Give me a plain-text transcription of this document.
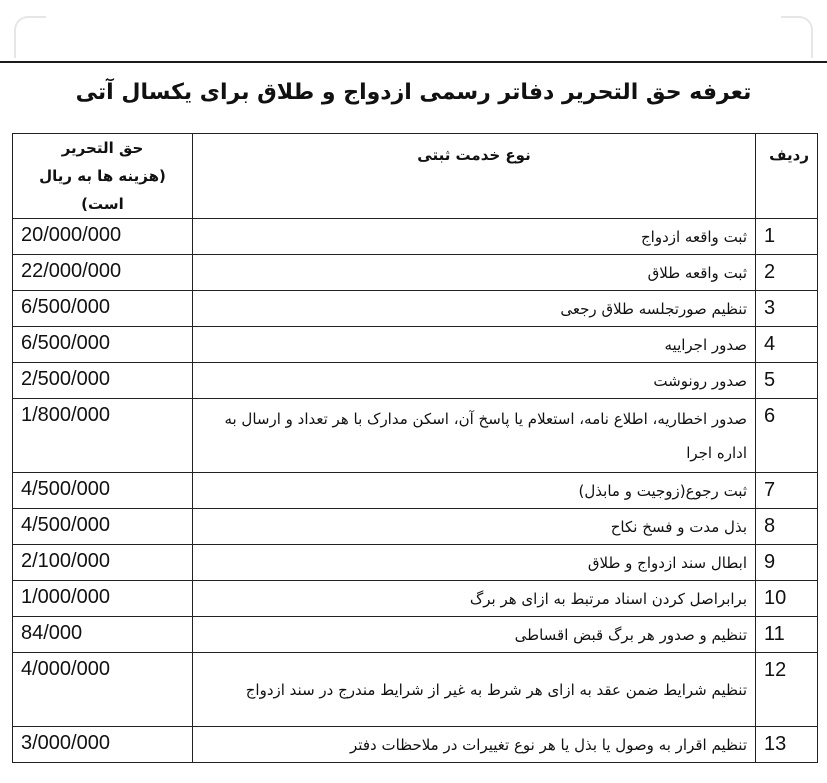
تعرفه حق التحریر دفاتر رسمی ازدواج و طلاق برای یکسال آتی
ردیف	نوع خدمت ثبتی	حق التحریر
(هزینه ها به ریال است)

1	ثبت واقعه ازدواج	20/000/000
2	ثبت واقعه طلاق	22/000/000
3	تنظیم صورتجلسه طلاق رجعی	6/500/000
4	صدور اجراییه	6/500/000
5	صدور رونوشت	2/500/000
6	صدور اخطاریه، اطلاع نامه، استعلام یا پاسخ آن، اسکن مدارک با هر تعداد و ارسال به اداره اجرا	1/800/000
7	ثبت رجوع(زوجیت و مابذل)	4/500/000
8	بذل مدت و فسخ نکاح	4/500/000
9	ابطال سند ازدواج و طلاق	2/100/000
10	برابراصل کردن اسناد مرتبط به ازای هر برگ	1/000/000
11	تنظیم و صدور هر برگ قبض اقساطی	84/000
12	تنظیم شرایط ضمن عقد به ازای هر شرط به غیر از شرایط مندرج در سند ازدواج	4/000/000
13	تنظیم اقرار به وصول یا بذل یا هر نوع تغییرات در ملاحظات دفتر	3/000/000
